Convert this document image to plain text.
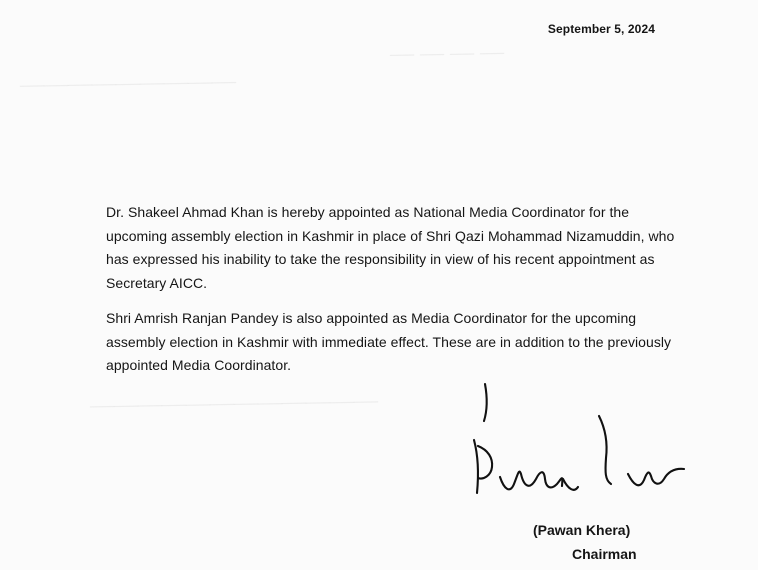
—————————
— — — —
————————————
September 5, 2024

Dr. Shakeel Ahmad Khan is hereby appointed as National Media Coordinator for the upcoming assembly election in Kashmir in place of Shri Qazi Mohammad Nizamuddin, who has expressed his inability to take the responsibility in view of his recent appointment as Secretary AICC.

Shri Amrish Ranjan Pandey is also appointed as Media Coordinator for the upcoming assembly election in Kashmir with immediate effect. These are in addition to the previously appointed Media Coordinator.

(Pawan Khera)
Chairman
